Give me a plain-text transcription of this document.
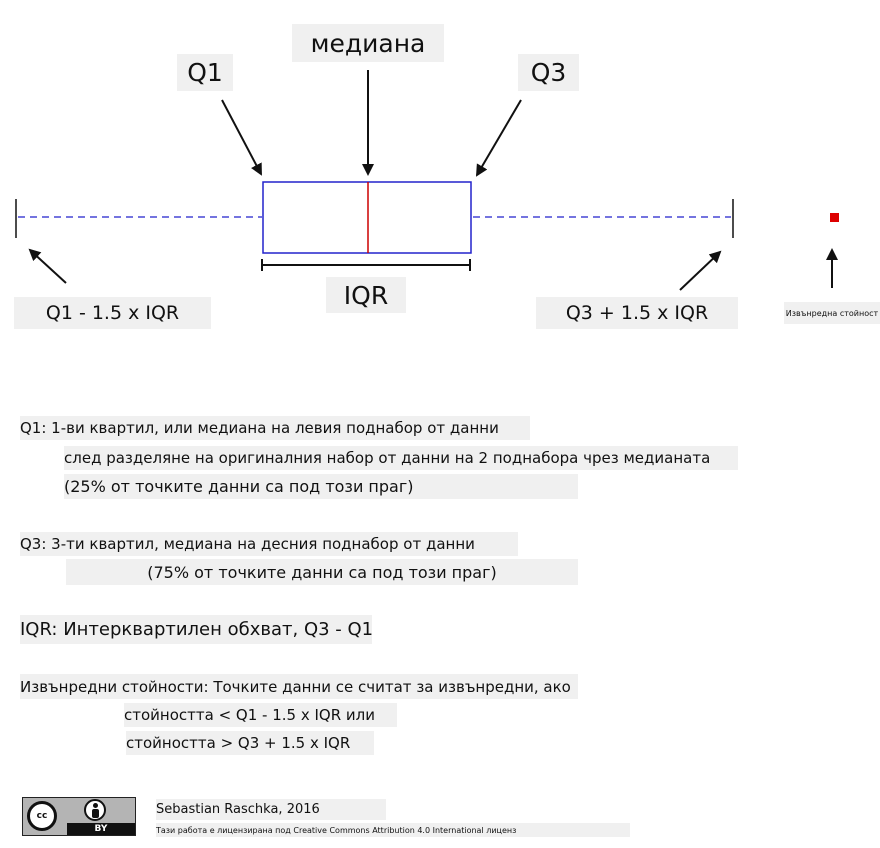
медиана
Q1	Q3
IQR
Q1 - 1.5 x IQR	Q3 + 1.5 x IQR	Извънредна стойност
Q1: 1-ви квартил, или медиана на левия поднабор от данни
след разделяне на оригиналния набор от данни на 2 поднабора чрез медианата
(25% от точките данни са под този праг)
Q3: 3-ти квартил, медиана на десния поднабор от данни
(75% от точките данни са под този праг)
IQR: Интерквартилен обхват, Q3 - Q1
Извънредни стойности: Точките данни се считат за извънредни, ако
стойността < Q1 - 1.5 x IQR или
стойността > Q3 + 1.5 x IQR
cc
BY
Sebastian Raschka, 2016
Тази работа е лицензирана под Creative Commons Attribution 4.0 International лиценз
